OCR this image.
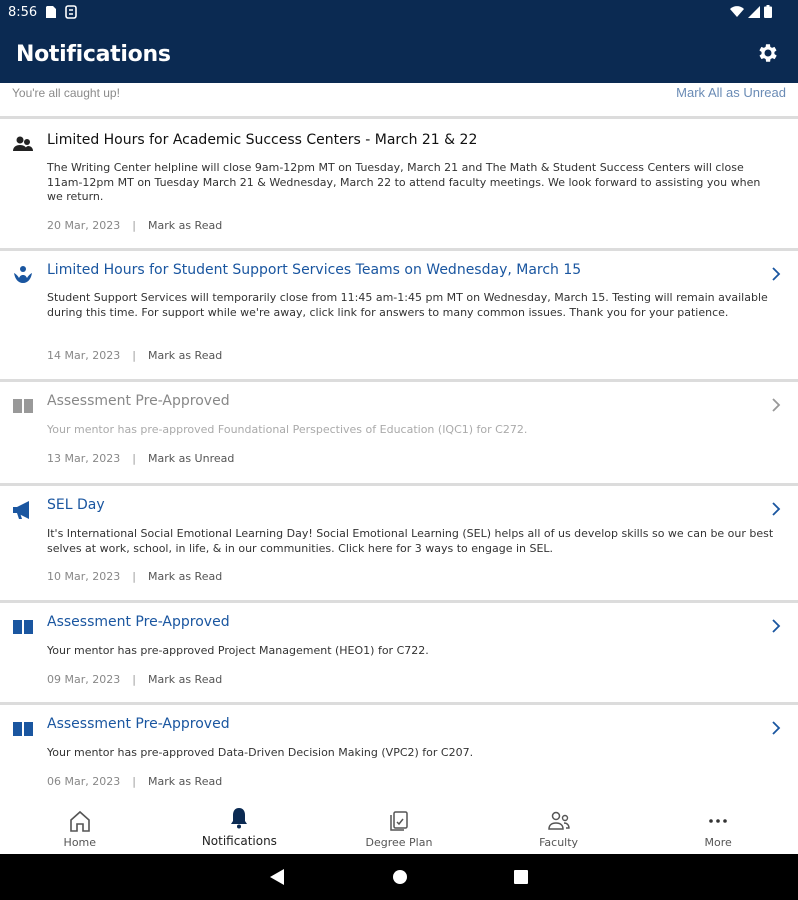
8:56
Notifications
You're all caught up!	Mark All as Unread
Limited Hours for Academic Success Centers - March 21 & 22
The Writing Center helpline will close 9am-12pm MT on Tuesday, March 21 and The Math & Student Success Centers will close 11am-12pm MT on Tuesday March 21 & Wednesday, March 22 to attend faculty meetings. We look forward to assisting you when we return.
20 Mar, 2023 | Mark as Read
Limited Hours for Student Support Services Teams on Wednesday, March 15
Student Support Services will temporarily close from 11:45 am-1:45 pm MT on Wednesday, March 15. Testing will remain available during this time. For support while we're away, click link for answers to many common issues. Thank you for your patience.
14 Mar, 2023 | Mark as Read
Assessment Pre-Approved
Your mentor has pre-approved Foundational Perspectives of Education (IQC1) for C272.
13 Mar, 2023 | Mark as Unread
SEL Day
It's International Social Emotional Learning Day! Social Emotional Learning (SEL) helps all of us develop skills so we can be our best selves at work, school, in life, & in our communities. Click here for 3 ways to engage in SEL.
10 Mar, 2023 | Mark as Read
Assessment Pre-Approved
Your mentor has pre-approved Project Management (HEO1) for C722.
09 Mar, 2023 | Mark as Read
Assessment Pre-Approved
Your mentor has pre-approved Data-Driven Decision Making (VPC2) for C207.
06 Mar, 2023 | Mark as Read
Home	Notifications	Degree Plan	Faculty	More
